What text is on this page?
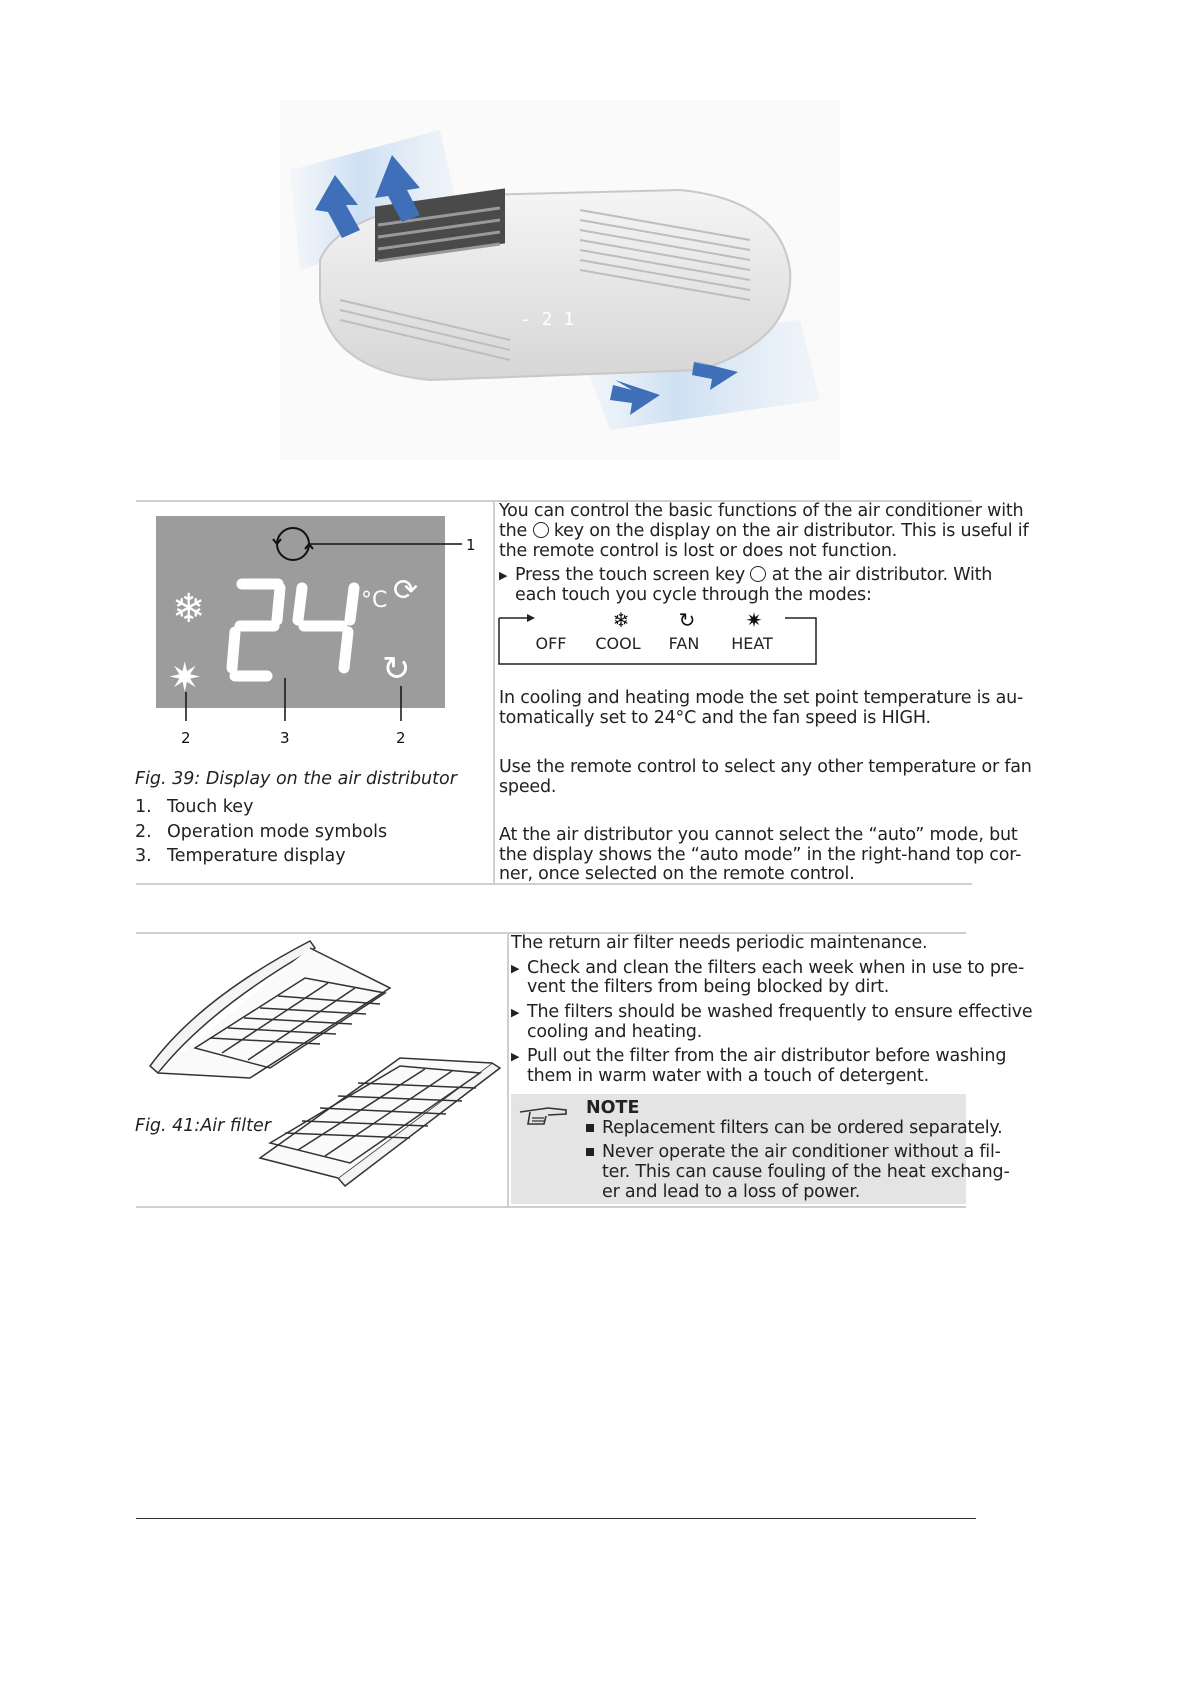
- 2 1
1
❄
✷
°C ⟳
↻
2	3	2
Fig. 39: Display on the air distributor
1. Touch key
2. Operation mode symbols
3. Temperature display
You can control the basic functions of the air conditioner with
the key on the display on the air distributor. This is useful if
the remote control is lost or does not function.
▶ Press the touch screen key at the air distributor. With
each touch you cycle through the modes:
❄	↻	✷
OFF	COOL	FAN	HEAT
In cooling and heating mode the set point temperature is au-
tomatically set to 24°C and the fan speed is HIGH.
Use the remote control to select any other temperature or fan
speed.
At the air distributor you cannot select the “auto” mode, but
the display shows the “auto mode” in the right-hand top cor-
ner, once selected on the remote control.
Fig. 41:Air filter
The return air filter needs periodic maintenance.
▶ Check and clean the filters each week when in use to pre-
vent the filters from being blocked by dirt.
▶ The filters should be washed frequently to ensure effective
cooling and heating.
▶ Pull out the filter from the air distributor before washing
them in warm water with a touch of detergent.
NOTE
Replacement filters can be ordered separately.
Never operate the air conditioner without a fil-
ter. This can cause fouling of the heat exchang-
er and lead to a loss of power.
